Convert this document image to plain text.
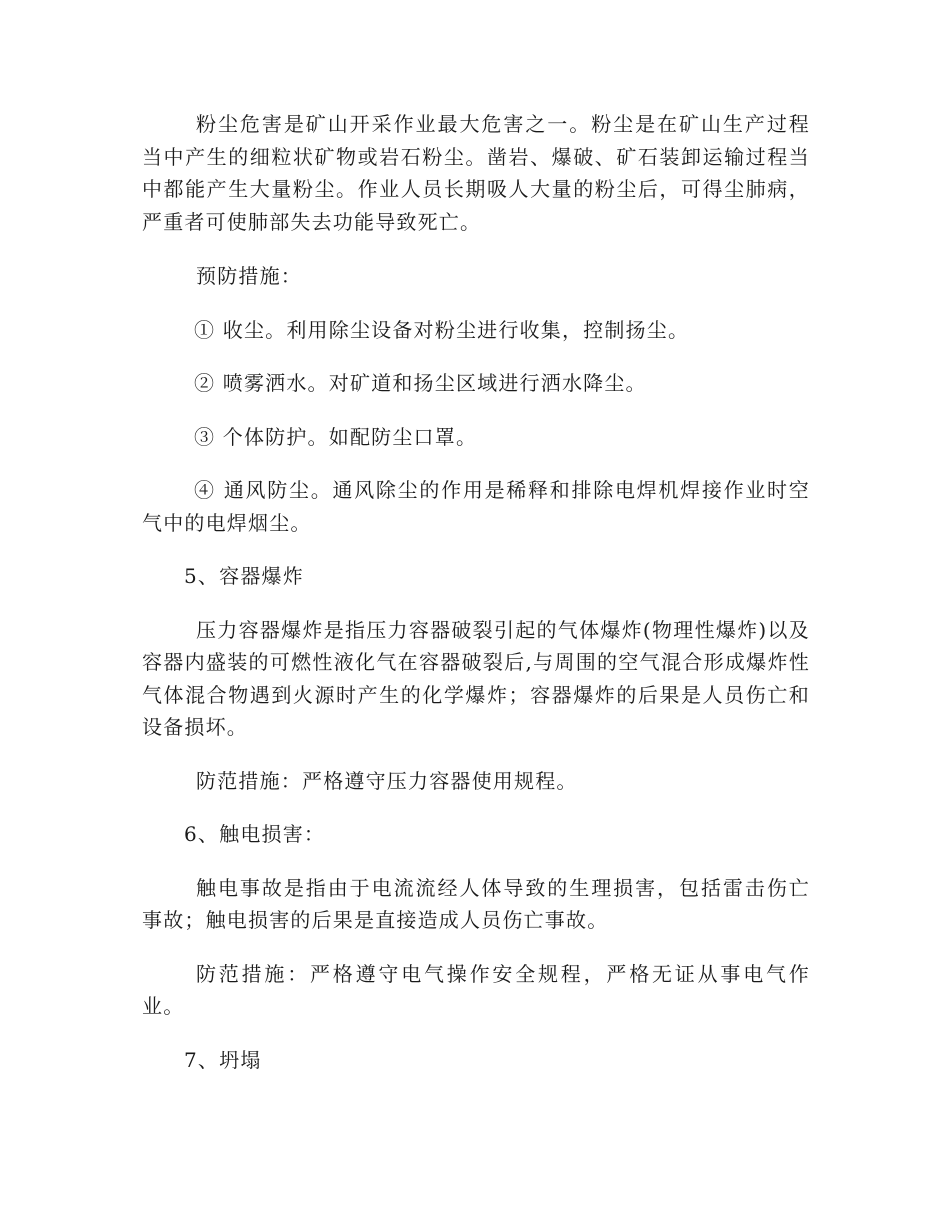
粉尘危害是矿山开采作业最大危害之一。粉尘是在矿山生产过程当中产生的细粒状矿物或岩石粉尘。凿岩、爆破、矿石装卸运输过程当中都能产生大量粉尘。作业人员长期吸人大量的粉尘后，可得尘肺病，严重者可使肺部失去功能导致死亡。

预防措施：

① 收尘。利用除尘设备对粉尘进行收集，控制扬尘。

② 喷雾洒水。对矿道和扬尘区域进行洒水降尘。

③ 个体防护。如配防尘口罩。

④ 通风防尘。通风除尘的作用是稀释和排除电焊机焊接作业时空气中的电焊烟尘。

5、容器爆炸

压力容器爆炸是指压力容器破裂引起的气体爆炸(物理性爆炸)以及容器内盛装的可燃性液化气在容器破裂后,与周围的空气混合形成爆炸性气体混合物遇到火源时产生的化学爆炸；容器爆炸的后果是人员伤亡和设备损坏。

防范措施：严格遵守压力容器使用规程。

6、触电损害：

触电事故是指由于电流流经人体导致的生理损害，包括雷击伤亡事故；触电损害的后果是直接造成人员伤亡事故。

防范措施：严格遵守电气操作安全规程，严格无证从事电气作业。

7、坍塌
